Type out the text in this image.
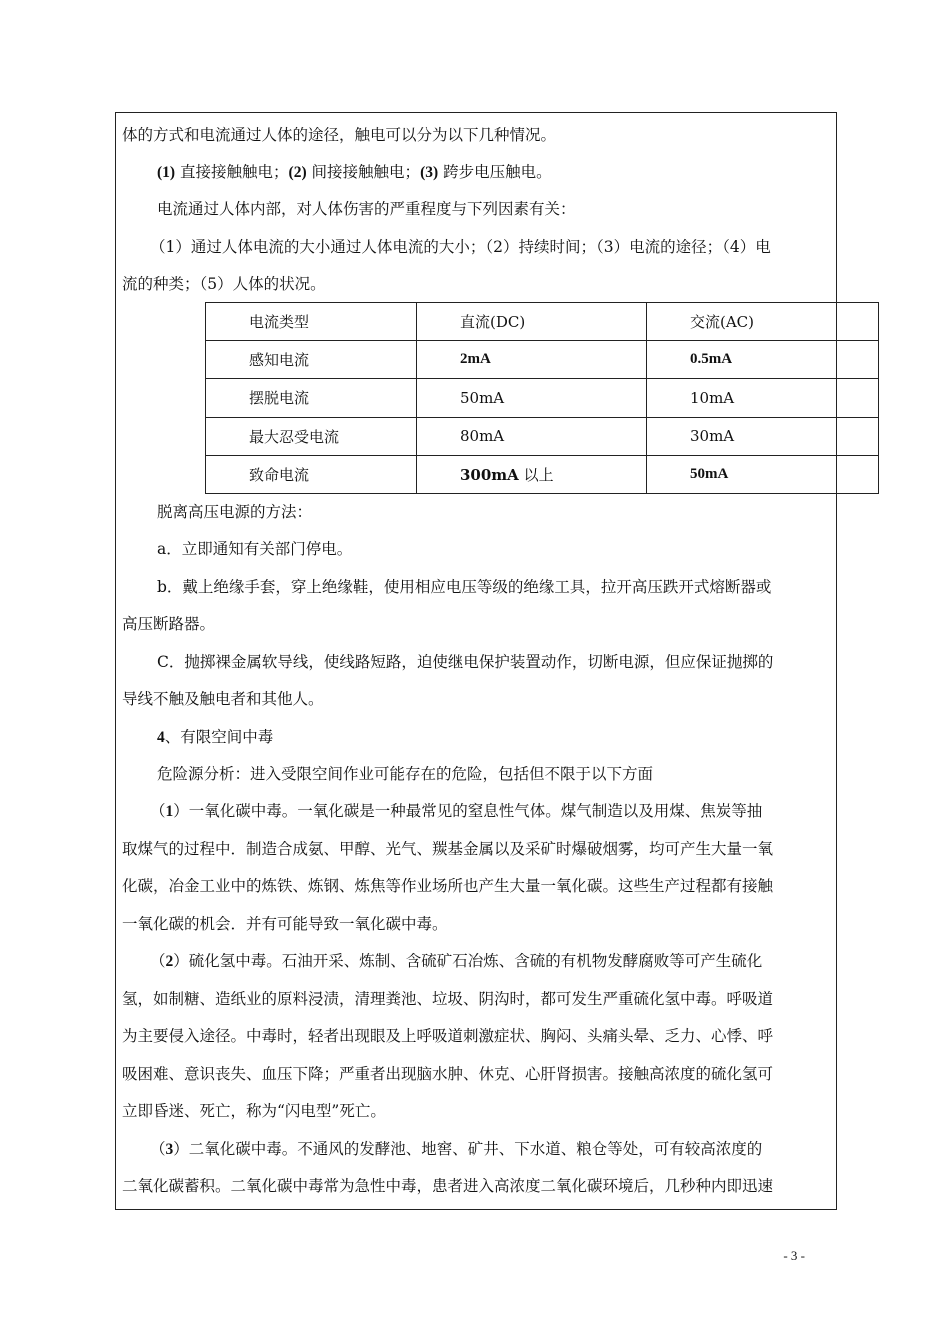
体的方式和电流通过人体的途径，触电可以分为以下几种情况。

(1) 直接接触触电；(2) 间接接触触电；(3) 跨步电压触电。

电流通过人体内部，对人体伤害的严重程度与下列因素有关：

（1）通过人体电流的大小通过人体电流的大小；（2）持续时间；（3）电流的途径；（4）电

流的种类；（5）人体的状况。

电流类型	直流(DC)	交流(AC)
感知电流	2mA	0.5mA
摆脱电流	50mA	10mA
最大忍受电流	80mA	30mA
致命电流	300mA 以上	50mA

脱离高压电源的方法：

a．立即通知有关部门停电。

b．戴上绝缘手套，穿上绝缘鞋，使用相应电压等级的绝缘工具，拉开高压跌开式熔断器或

高压断路器。

C．抛掷裸金属软导线，使线路短路，迫使继电保护装置动作，切断电源，但应保证抛掷的

导线不触及触电者和其他人。

4、有限空间中毒

危险源分析：进入受限空间作业可能存在的危险，包括但不限于以下方面

（1）一氧化碳中毒。一氧化碳是一种最常见的窒息性气体。煤气制造以及用煤、焦炭等抽

取煤气的过程中．制造合成氨、甲醇、光气、羰基金属以及采矿时爆破烟雾，均可产生大量一氧

化碳，冶金工业中的炼铁、炼钢、炼焦等作业场所也产生大量一氧化碳。这些生产过程都有接触

一氧化碳的机会．并有可能导致一氧化碳中毒。

（2）硫化氢中毒。石油开采、炼制、含硫矿石冶炼、含硫的有机物发酵腐败等可产生硫化

氢，如制糖、造纸业的原料浸渍，清理粪池、垃圾、阴沟时，都可发生严重硫化氢中毒。呼吸道

为主要侵入途径。中毒时，轻者出现眼及上呼吸道刺激症状、胸闷、头痛头晕、乏力、心悸、呼

吸困难、意识丧失、血压下降；严重者出现脑水肿、休克、心肝肾损害。接触高浓度的硫化氢可

立即昏迷、死亡，称为“闪电型”死亡。

（3）二氧化碳中毒。不通风的发酵池、地窖、矿井、下水道、粮仓等处，可有较高浓度的

二氧化碳蓄积。二氧化碳中毒常为急性中毒，患者进入高浓度二氧化碳环境后，几秒种内即迅速

- 3 -
